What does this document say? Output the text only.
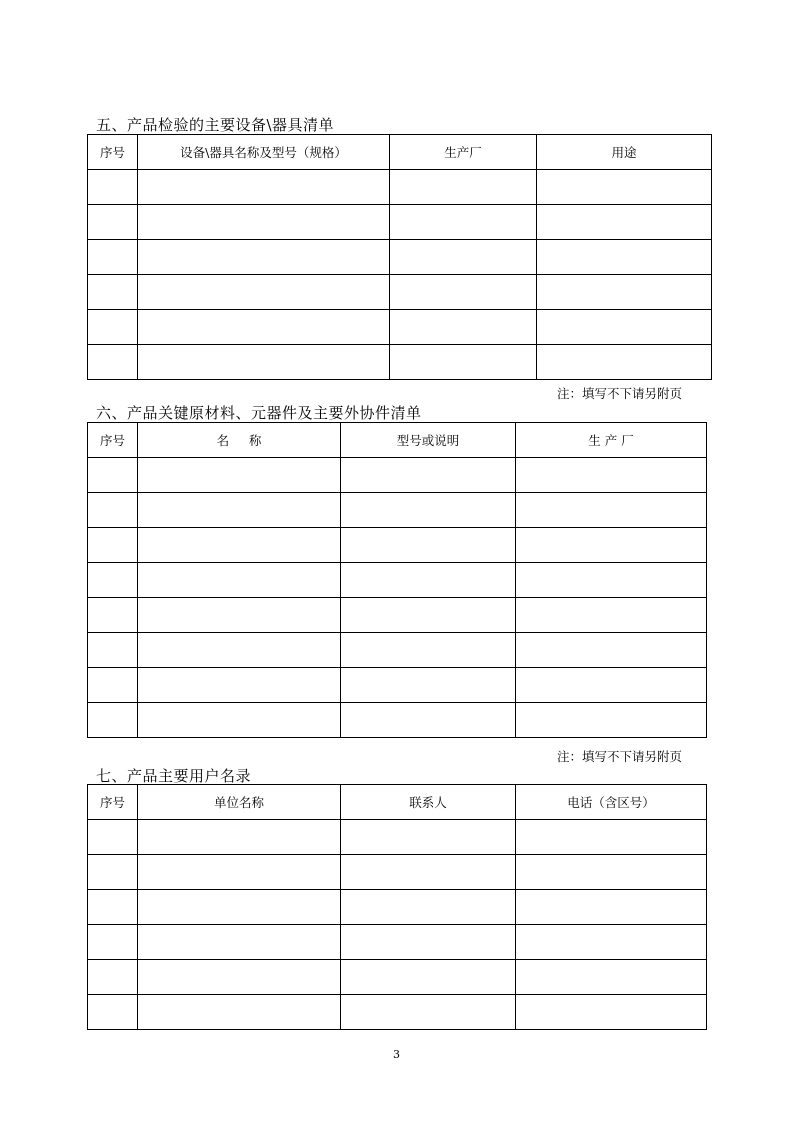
五、产品检验的主要设备\器具清单
序号	设备\器具名称及型号（规格）	生产厂	用途

注：填写不下请另附页
六、产品关键原材料、元器件及主要外协件清单
序号	名     称	型号或说明	生 产 厂

注：填写不下请另附页
七、产品主要用户名录
序号	单位名称	联系人	电话（含区号）

3
